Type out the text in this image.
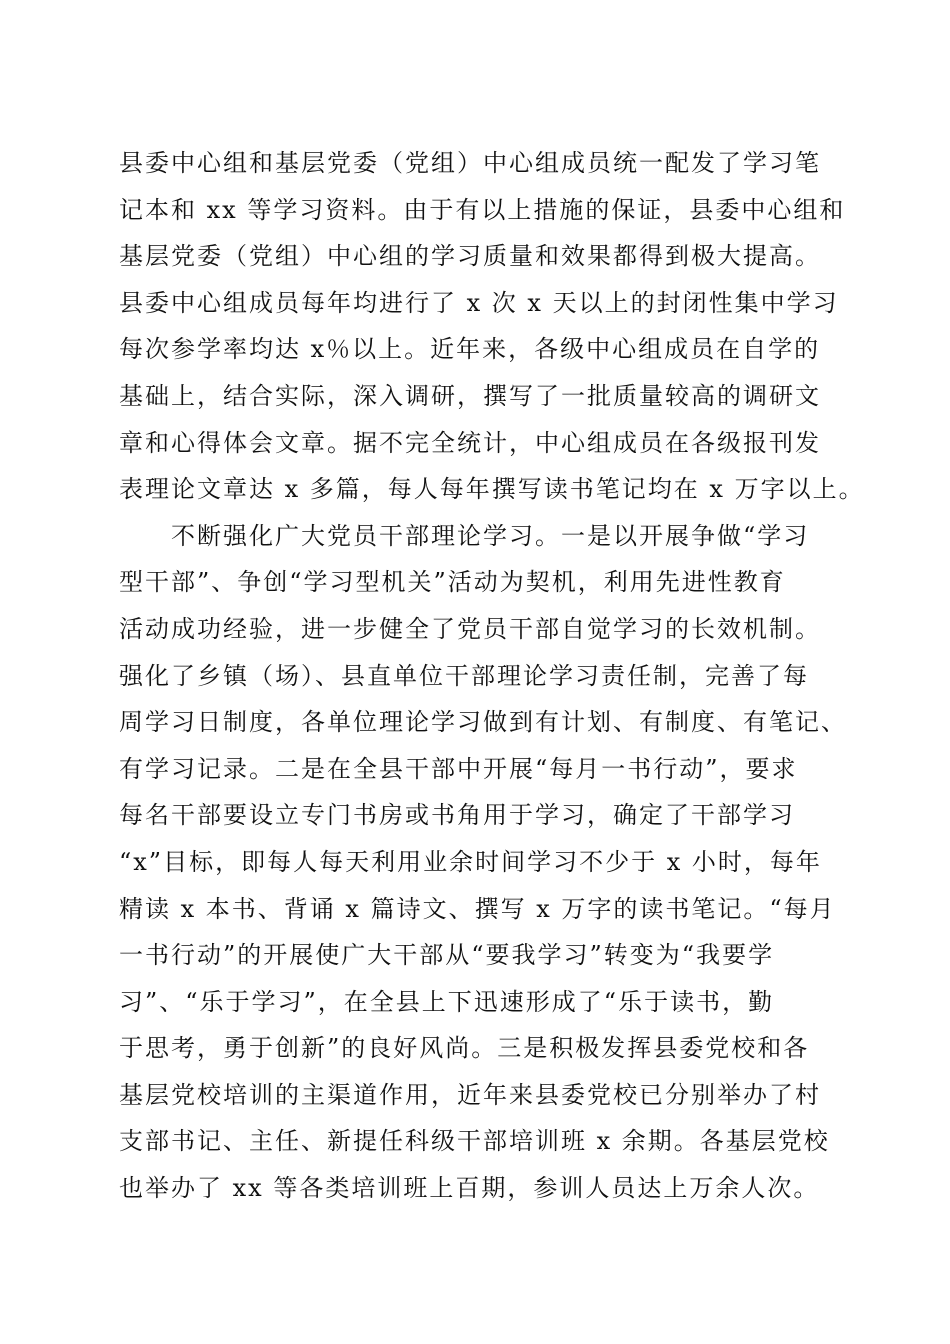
县委中心组和基层党委（党组）中心组成员统一配发了学习笔
记本和 xx 等学习资料。由于有以上措施的保证，县委中心组和
基层党委（党组）中心组的学习质量和效果都得到极大提高。
县委中心组成员每年均进行了 x 次 x 天以上的封闭性集中学习
每次参学率均达 x％以上。近年来，各级中心组成员在自学的
基础上，结合实际，深入调研，撰写了一批质量较高的调研文
章和心得体会文章。据不完全统计，中心组成员在各级报刊发
表理论文章达 x 多篇，每人每年撰写读书笔记均在 x 万字以上。
不断强化广大党员干部理论学习。一是以开展争做“学习
型干部”、争创“学习型机关”活动为契机，利用先进性教育
活动成功经验，进一步健全了党员干部自觉学习的长效机制。
强化了乡镇（场）、县直单位干部理论学习责任制，完善了每
周学习日制度，各单位理论学习做到有计划、有制度、有笔记、
有学习记录。二是在全县干部中开展“每月一书行动”，要求
每名干部要设立专门书房或书角用于学习，确定了干部学习
“x”目标，即每人每天利用业余时间学习不少于 x 小时，每年
精读 x 本书、背诵 x 篇诗文、撰写 x 万字的读书笔记。“每月
一书行动”的开展使广大干部从“要我学习”转变为“我要学
习”、“乐于学习”，在全县上下迅速形成了“乐于读书，勤
于思考，勇于创新”的良好风尚。三是积极发挥县委党校和各
基层党校培训的主渠道作用，近年来县委党校已分别举办了村
支部书记、主任、新提任科级干部培训班 x 余期。各基层党校
也举办了 xx 等各类培训班上百期，参训人员达上万余人次。
